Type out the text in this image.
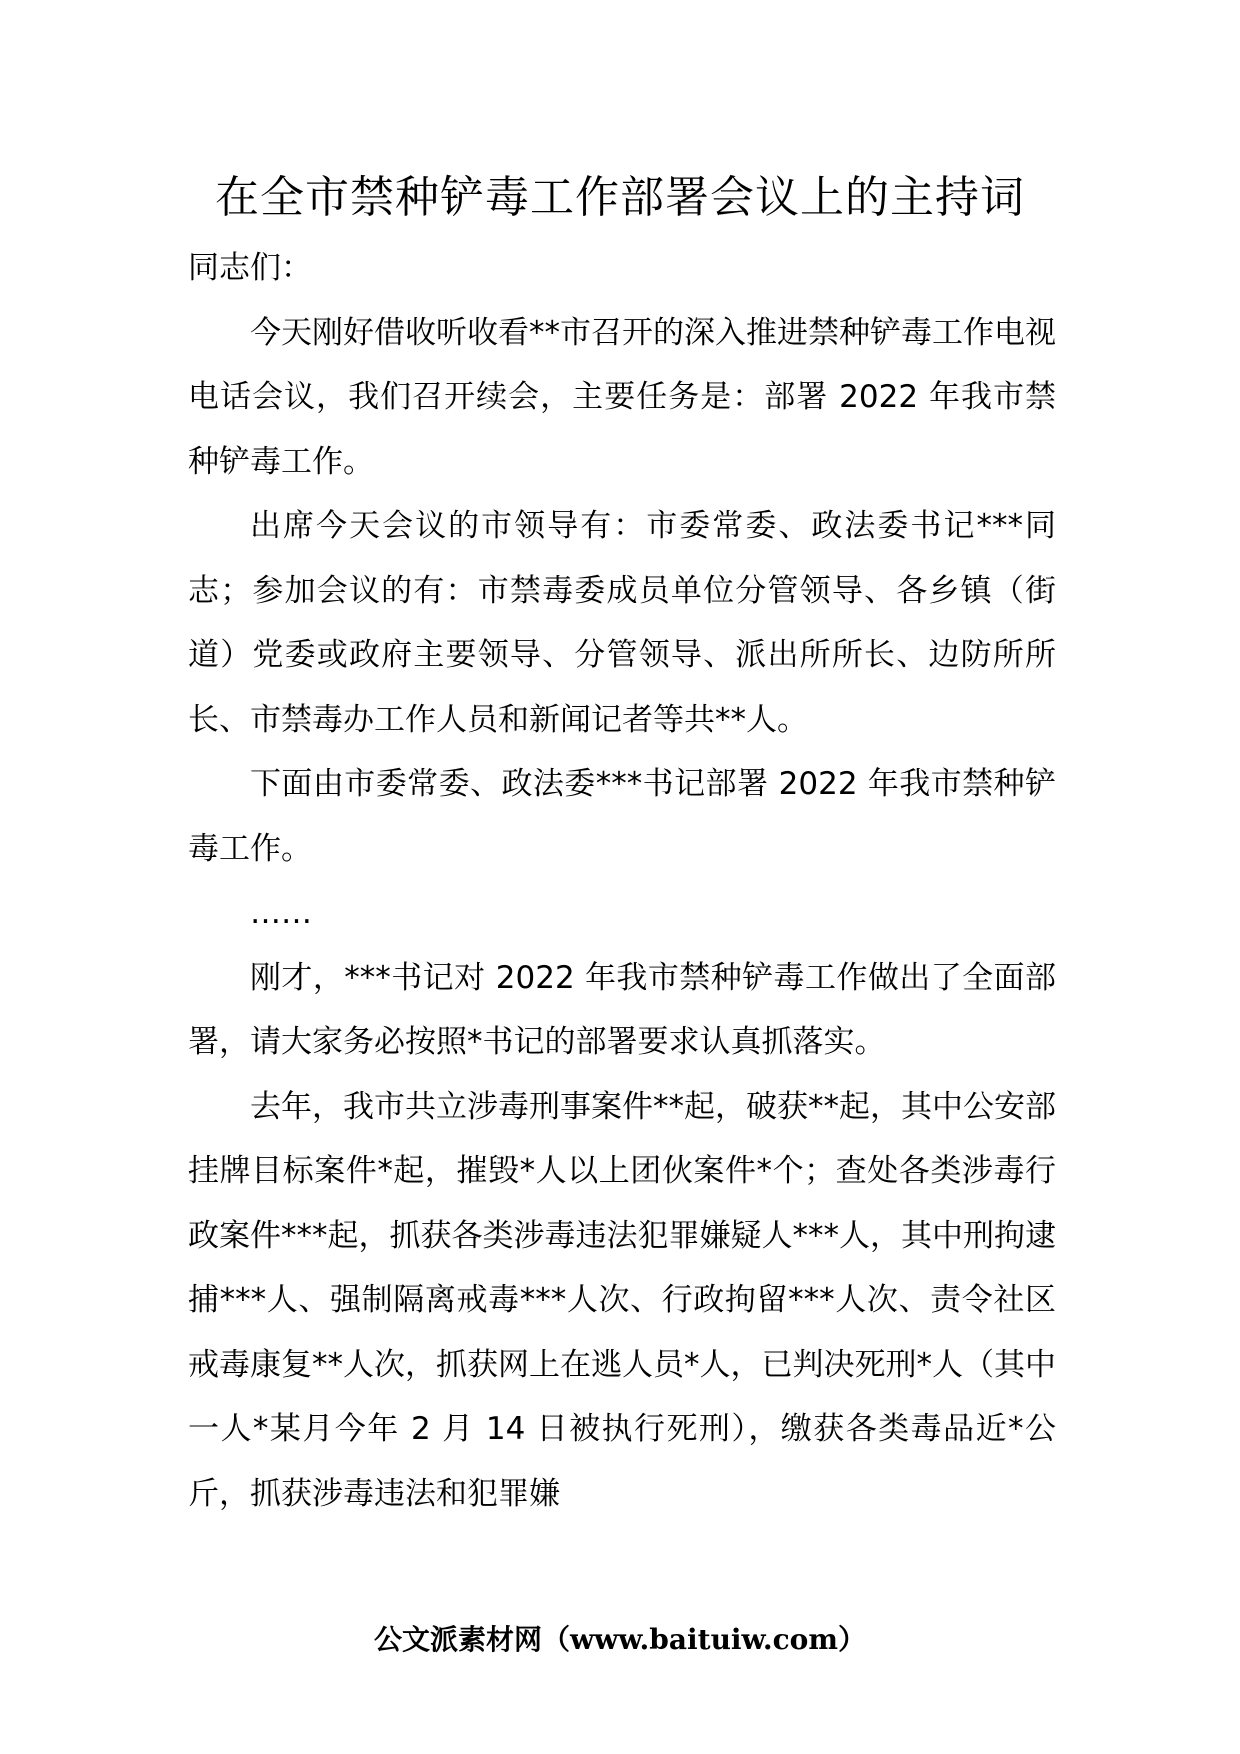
在全市禁种铲毒工作部署会议上的主持词

同志们：

今天刚好借收听收看**市召开的深入推进禁种铲毒工作电视电话会议，我们召开续会，主要任务是：部署 2022 年我市禁种铲毒工作。

出席今天会议的市领导有：市委常委、政法委书记***同志；参加会议的有：市禁毒委成员单位分管领导、各乡镇（街道）党委或政府主要领导、分管领导、派出所所长、边防所所长、市禁毒办工作人员和新闻记者等共**人。

下面由市委常委、政法委***书记部署 2022 年我市禁种铲毒工作。

……

刚才，***书记对 2022 年我市禁种铲毒工作做出了全面部署，请大家务必按照*书记的部署要求认真抓落实。

去年，我市共立涉毒刑事案件**起，破获**起，其中公安部挂牌目标案件*起，摧毁*人以上团伙案件*个；查处各类涉毒行政案件***起，抓获各类涉毒违法犯罪嫌疑人***人，其中刑拘逮捕***人、强制隔离戒毒***人次、行政拘留***人次、责令社区戒毒康复**人次，抓获网上在逃人员*人，已判决死刑*人（其中一人*某月今年 2 月 14 日被执行死刑），缴获各类毒品近*公斤，抓获涉毒违法和犯罪嫌

公文派素材网（www.baituiw.com）
